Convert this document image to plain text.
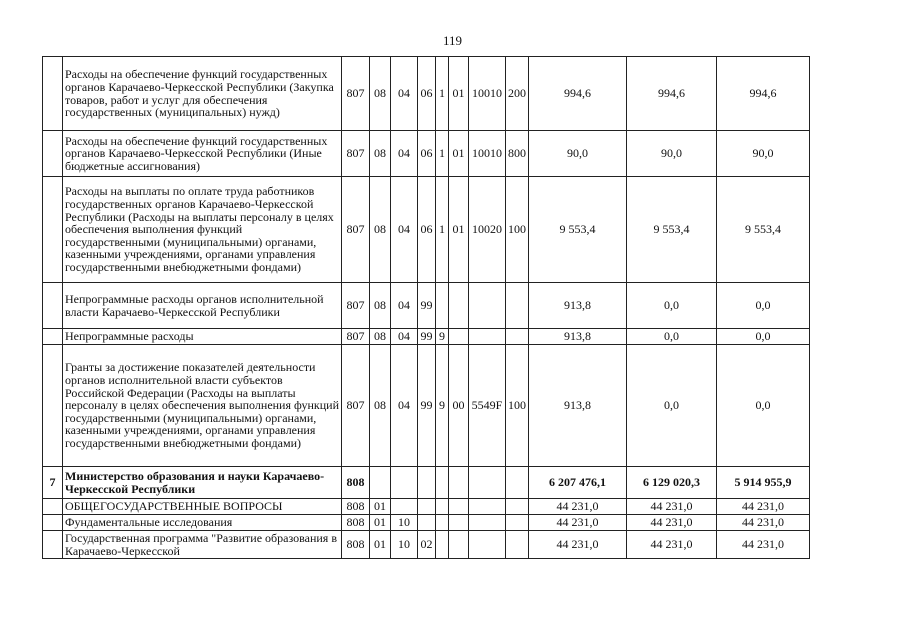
119
	Расходы на обеспечение функций государственных органов Карачаево-Черкесской Республики (Закупка товаров, работ и услуг для обеспечения государственных (муниципальных) нужд)	807	08	04	06	1	01	10010	200	994,6	994,6	994,6
	Расходы на обеспечение функций государственных органов Карачаево-Черкесской Республики (Иные бюджетные ассигнования)	807	08	04	06	1	01	10010	800	90,0	90,0	90,0
	Расходы на выплаты по оплате труда работников государственных органов Карачаево-Черкесской Республики (Расходы на выплаты персоналу в целях обеспечения выполнения функций государственными (муниципальными) органами, казенными учреждениями, органами управления государственными внебюджетными фондами)	807	08	04	06	1	01	10020	100	9 553,4	9 553,4	9 553,4
	Непрограммные расходы органов исполнительной власти Карачаево-Черкесской Республики	807	08	04	99					913,8	0,0	0,0
	Непрограммные расходы	807	08	04	99	9				913,8	0,0	0,0
	Гранты за достижение показателей деятельности органов исполнительной власти субъектов Российской Федерации (Расходы на выплаты персоналу в целях обеспечения выполнения функций государственными (муниципальными) органами, казенными учреждениями, органами управления государственными внебюджетными фондами)	807	08	04	99	9	00	5549F	100	913,8	0,0	0,0
7	Министерство образования и науки Карачаево-Черкесской Республики	808								6 207 476,1	6 129 020,3	5 914 955,9
	ОБЩЕГОСУДАРСТВЕННЫЕ ВОПРОСЫ	808	01							44 231,0	44 231,0	44 231,0
	Фундаментальные исследования	808	01	10						44 231,0	44 231,0	44 231,0
	Государственная программа "Развитие образования в Карачаево-Черкесской	808	01	10	02					44 231,0	44 231,0	44 231,0
